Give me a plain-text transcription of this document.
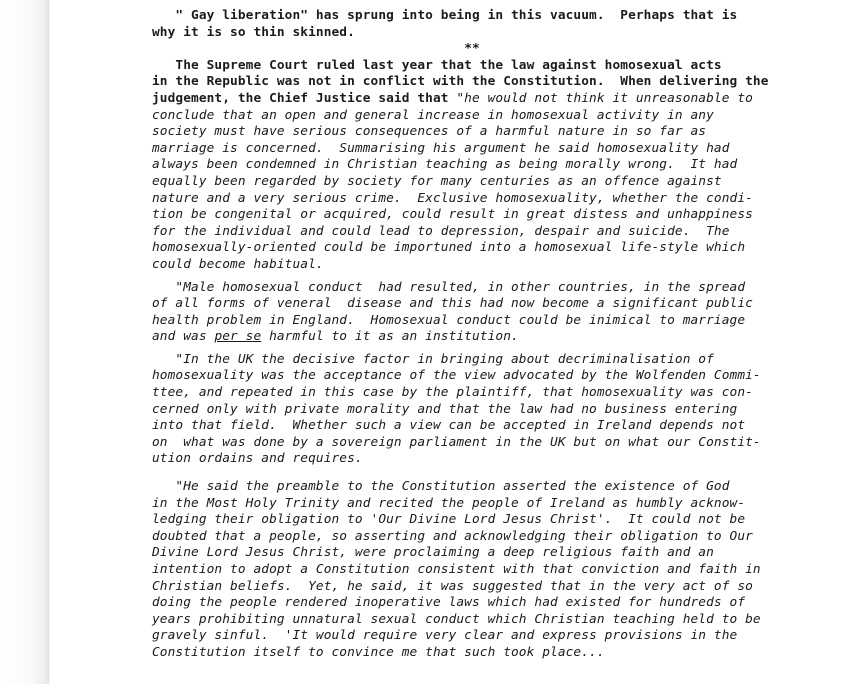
" Gay liberation" has sprung into being in this vacuum.  Perhaps that is
why it is so thin skinned.
**
The Supreme Court ruled last year that the law against homosexual acts
in the Republic was not in conflict with the Constitution.  When delivering the
judgement, the Chief Justice said that "he would not think it unreasonable to
conclude that an open and general increase in homosexual activity in any
society must have serious consequences of a harmful nature in so far as
marriage is concerned.  Summarising his argument he said homosexuality had
always been condemned in Christian teaching as being morally wrong.  It had
equally been regarded by society for many centuries as an offence against
nature and a very serious crime.  Exclusive homosexuality, whether the condi-
tion be congenital or acquired, could result in great distess and unhappiness
for the individual and could lead to depression, despair and suicide.  The
homosexually-oriented could be importuned into a homosexual life-style which
could become habitual.
"Male homosexual conduct  had resulted, in other countries, in the spread
of all forms of veneral  disease and this had now become a significant public
health problem in England.  Homosexual conduct could be inimical to marriage
and was per se harmful to it as an institution.
"In the UK the decisive factor in bringing about decriminalisation of
homosexuality was the acceptance of the view advocated by the Wolfenden Commi-
ttee, and repeated in this case by the plaintiff, that homosexuality was con-
cerned only with private morality and that the law had no business entering
into that field.  Whether such a view can be accepted in Ireland depends not
on  what was done by a sovereign parliament in the UK but on what our Constit-
ution ordains and requires.
"He said the preamble to the Constitution asserted the existence of God
in the Most Holy Trinity and recited the people of Ireland as humbly acknow-
ledging their obligation to 'Our Divine Lord Jesus Christ'.  It could not be
doubted that a people, so asserting and acknowledging their obligation to Our
Divine Lord Jesus Christ, were proclaiming a deep religious faith and an
intention to adopt a Constitution consistent with that conviction and faith in
Christian beliefs.  Yet, he said, it was suggested that in the very act of so
doing the people rendered inoperative laws which had existed for hundreds of
years prohibiting unnatural sexual conduct which Christian teaching held to be
gravely sinful.  'It would require very clear and express provisions in the
Constitution itself to convince me that such took place...
